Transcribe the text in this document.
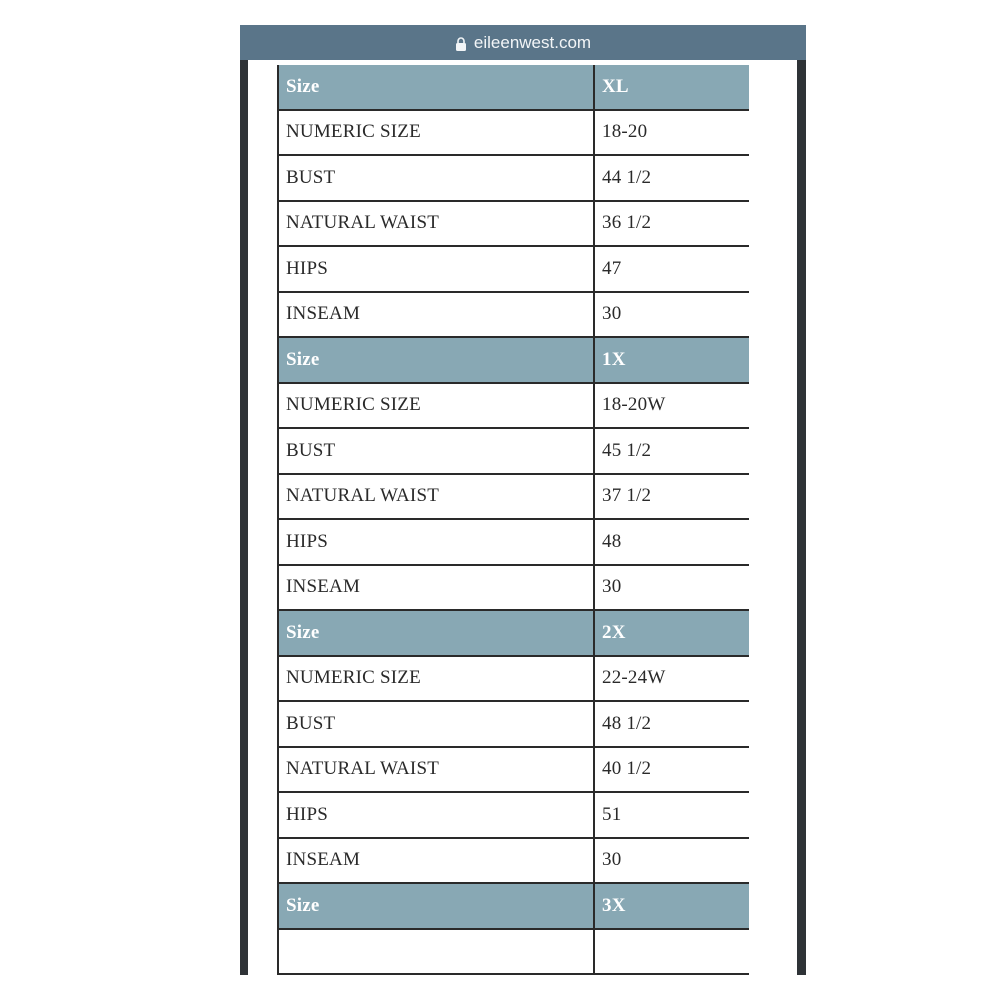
eileenwest.com
Size	XL
NUMERIC SIZE	18-20
BUST	44 1/2
NATURAL WAIST	36 1/2
HIPS	47
INSEAM	30
Size	1X
NUMERIC SIZE	18-20W
BUST	45 1/2
NATURAL WAIST	37 1/2
HIPS	48
INSEAM	30
Size	2X
NUMERIC SIZE	22-24W
BUST	48 1/2
NATURAL WAIST	40 1/2
HIPS	51
INSEAM	30
Size	3X
